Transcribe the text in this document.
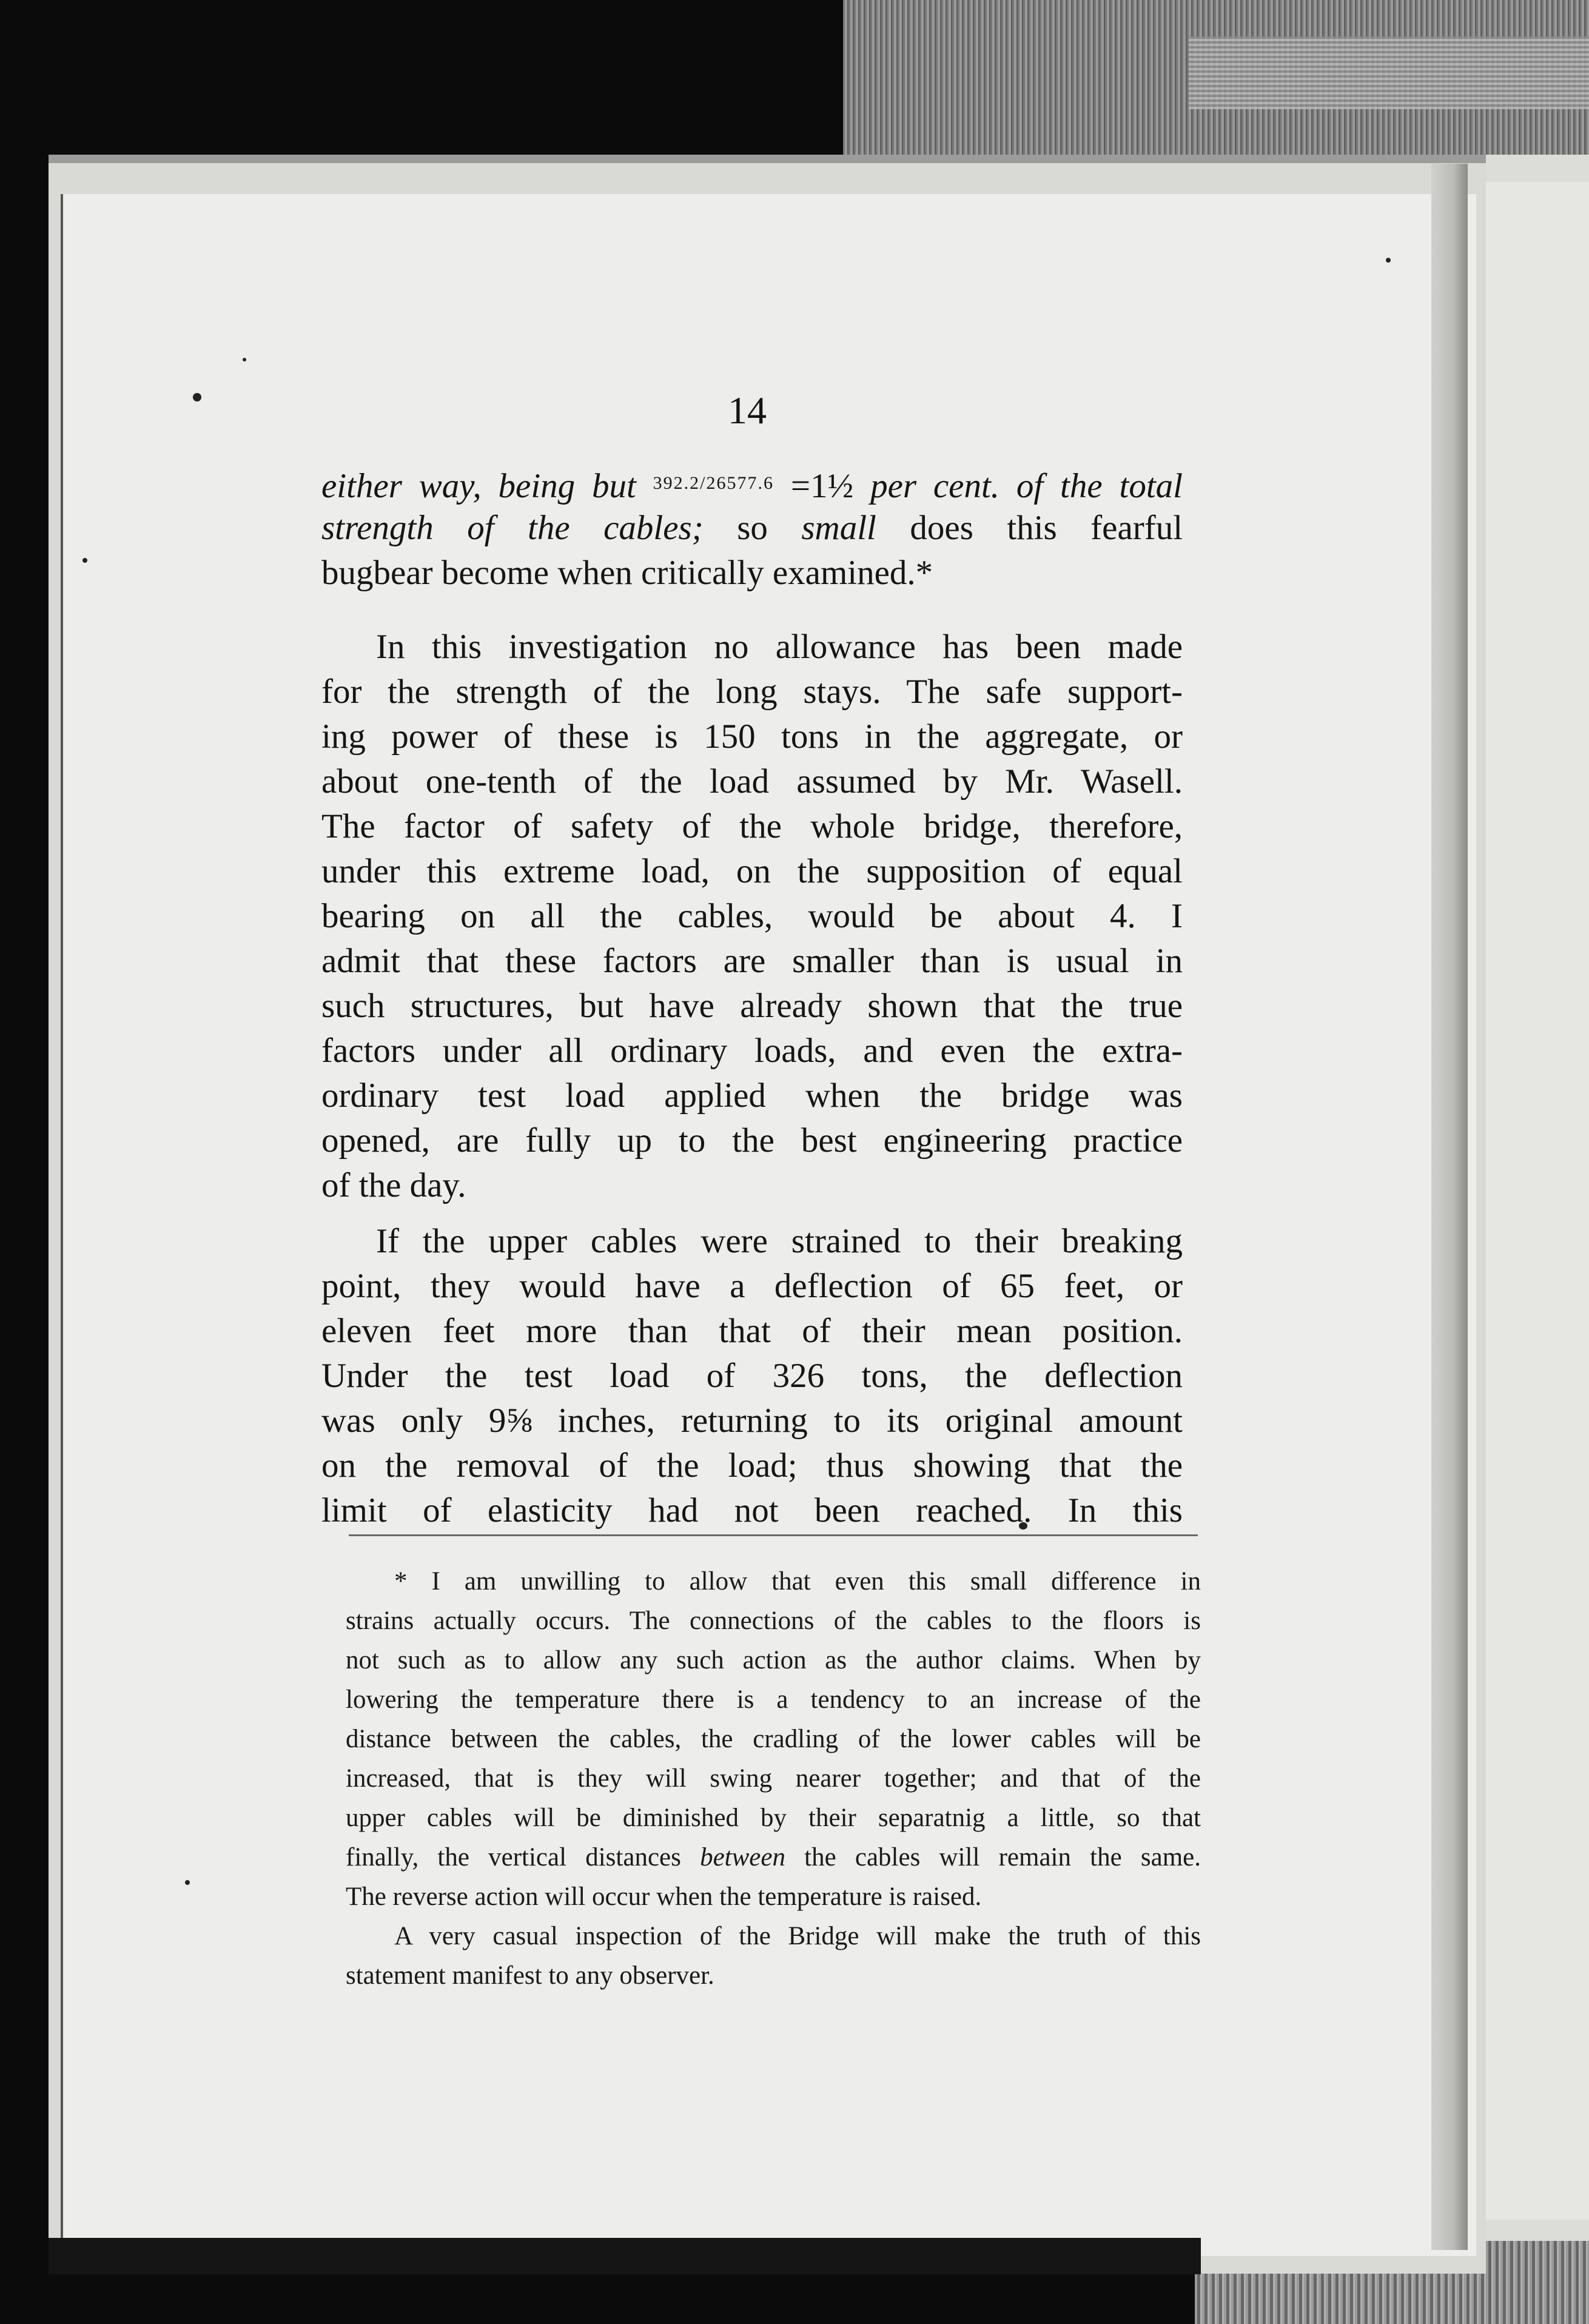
14
either way, being but $^{392.2/26577.6}$ =1½ per cent. of the total
strength of the cables; so small does this fearful
bugbear become when critically examined.*
In this investigation no allowance has been made
for the strength of the long stays. The safe support-
ing power of these is 150 tons in the aggregate, or
about one-tenth of the load assumed by Mr. Wasell.
The factor of safety of the whole bridge, therefore,
under this extreme load, on the supposition of equal
bearing on all the cables, would be about 4. I
admit that these factors are smaller than is usual in
such structures, but have already shown that the true
factors under all ordinary loads, and even the extra-
ordinary test load applied when the bridge was
opened, are fully up to the best engineering practice
of the day.
If the upper cables were strained to their breaking
point, they would have a deflection of 65 feet, or
eleven feet more than that of their mean position.
Under the test load of 326 tons, the deflection
was only 9⅝ inches, returning to its original amount
on the removal of the load; thus showing that the
limit of elasticity had not been reached. In this
* I am unwilling to allow that even this small difference in
strains actually occurs. The connections of the cables to the floors is
not such as to allow any such action as the author claims. When by
lowering the temperature there is a tendency to an increase of the
distance between the cables, the cradling of the lower cables will be
increased, that is they will swing nearer together; and that of the
upper cables will be diminished by their separatnig a little, so that
finally, the vertical distances between the cables will remain the same.
The reverse action will occur when the temperature is raised.
A very casual inspection of the Bridge will make the truth of this
statement manifest to any observer.
